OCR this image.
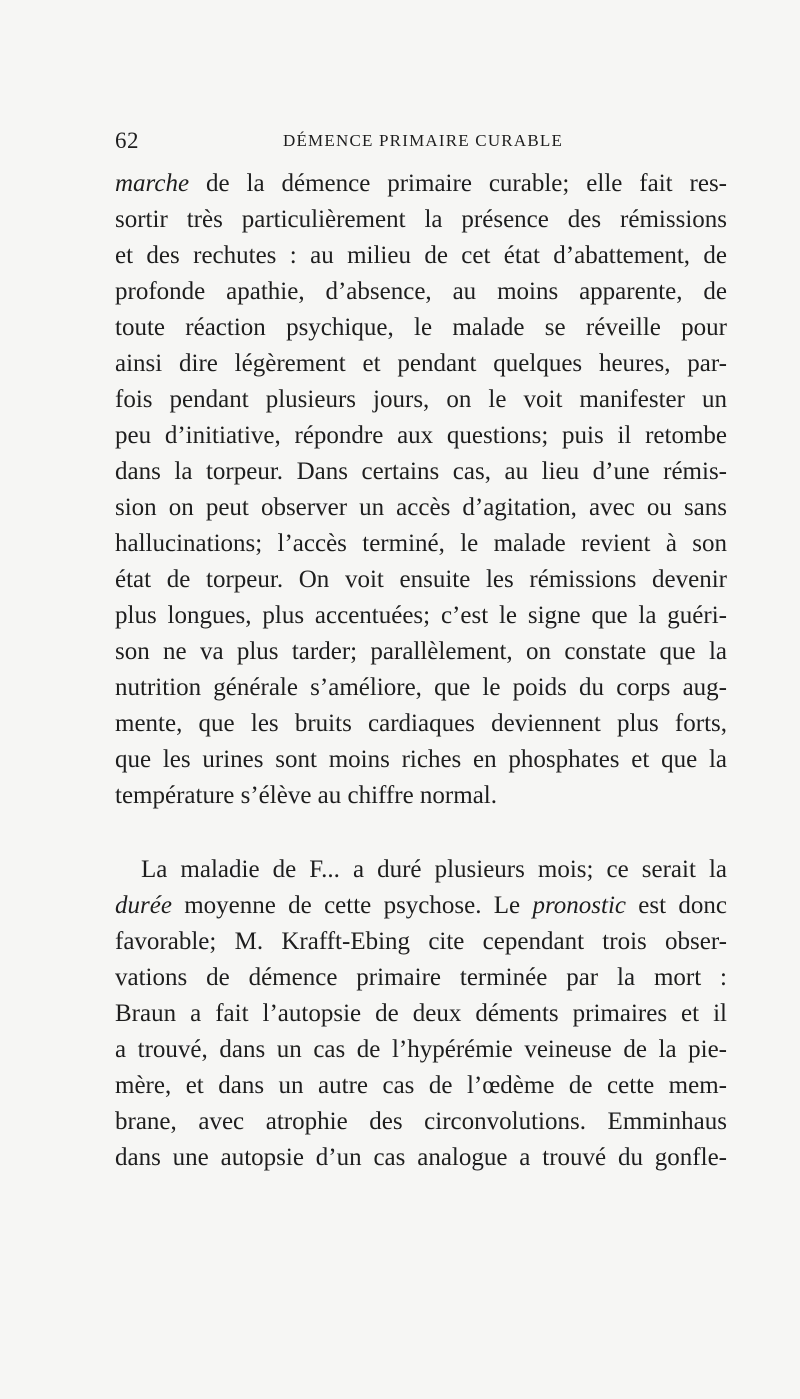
62	DÉMENCE PRIMAIRE CURABLE
marche de la démence primaire curable; elle fait res-
sortir très particulièrement la présence des rémissions
et des rechutes : au milieu de cet état d’abattement, de
profonde apathie, d’absence, au moins apparente, de
toute réaction psychique, le malade se réveille pour
ainsi dire légèrement et pendant quelques heures, par-
fois pendant plusieurs jours, on le voit manifester un
peu d’initiative, répondre aux questions; puis il retombe
dans la torpeur. Dans certains cas, au lieu d’une rémis-
sion on peut observer un accès d’agitation, avec ou sans
hallucinations; l’accès terminé, le malade revient à son
état de torpeur. On voit ensuite les rémissions devenir
plus longues, plus accentuées; c’est le signe que la guéri-
son ne va plus tarder; parallèlement, on constate que la
nutrition générale s’améliore, que le poids du corps aug-
mente, que les bruits cardiaques deviennent plus forts,
que les urines sont moins riches en phosphates et que la
température s’élève au chiffre normal.
La maladie de F... a duré plusieurs mois; ce serait la
durée moyenne de cette psychose. Le pronostic est donc
favorable; M. Krafft-Ebing cite cependant trois obser-
vations de démence primaire terminée par la mort :
Braun a fait l’autopsie de deux déments primaires et il
a trouvé, dans un cas de l’hypérémie veineuse de la pie-
mère, et dans un autre cas de l’œdème de cette mem-
brane, avec atrophie des circonvolutions. Emminhaus
dans une autopsie d’un cas analogue a trouvé du gonfle-
